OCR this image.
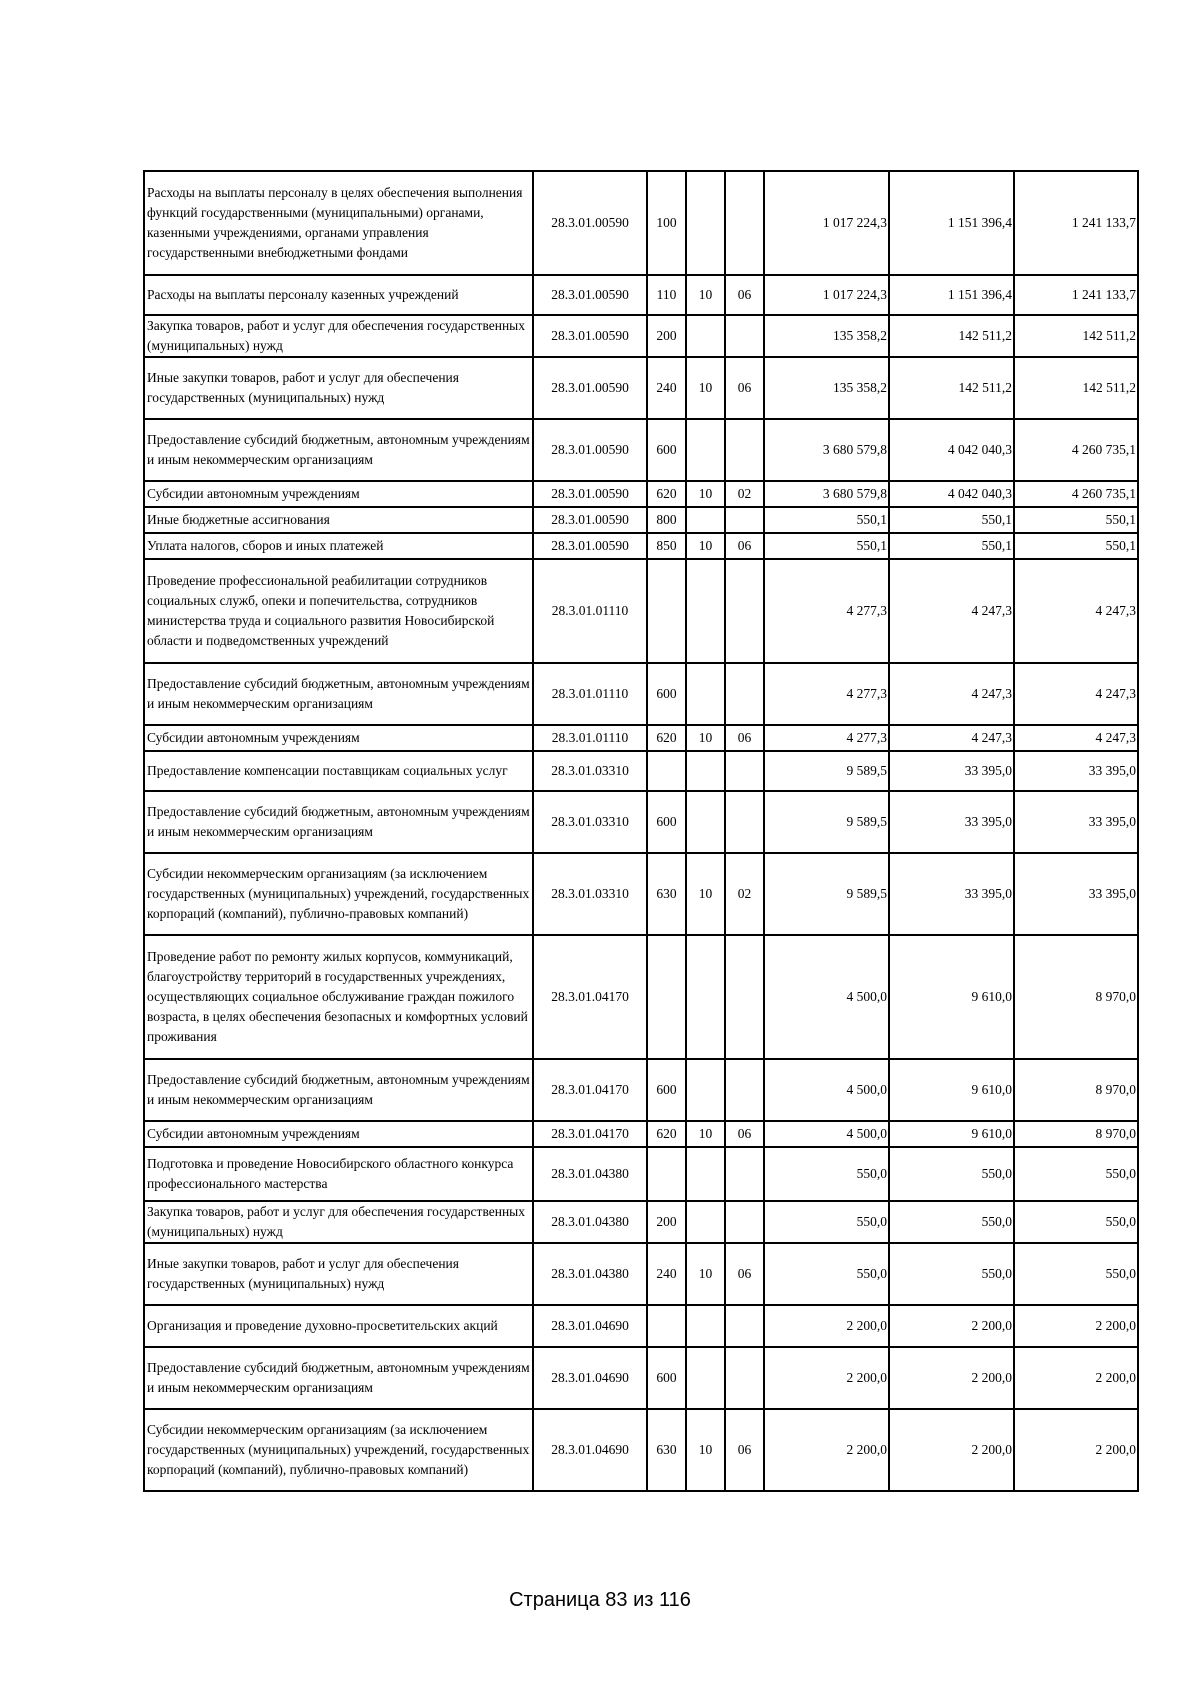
Расходы на выплаты персоналу в целях обеспечения выполнения функций государственными (муниципальными) органами, казенными учреждениями, органами управления государственными внебюджетными фондами	28.3.01.00590	100			1 017 224,3	1 151 396,4	1 241 133,7
Расходы на выплаты персоналу казенных учреждений	28.3.01.00590	110	10	06	1 017 224,3	1 151 396,4	1 241 133,7
Закупка товаров, работ и услуг для обеспечения государственных (муниципальных) нужд	28.3.01.00590	200			135 358,2	142 511,2	142 511,2
Иные закупки товаров, работ и услуг для обеспечения государственных (муниципальных) нужд	28.3.01.00590	240	10	06	135 358,2	142 511,2	142 511,2
Предоставление субсидий бюджетным, автономным учреждениям и иным некоммерческим организациям	28.3.01.00590	600			3 680 579,8	4 042 040,3	4 260 735,1
Субсидии автономным учреждениям	28.3.01.00590	620	10	02	3 680 579,8	4 042 040,3	4 260 735,1
Иные бюджетные ассигнования	28.3.01.00590	800			550,1	550,1	550,1
Уплата налогов, сборов и иных платежей	28.3.01.00590	850	10	06	550,1	550,1	550,1
Проведение профессиональной реабилитации сотрудников социальных служб, опеки и попечительства, сотрудников министерства труда и социального развития Новосибирской области и подведомственных учреждений	28.3.01.01110				4 277,3	4 247,3	4 247,3
Предоставление субсидий бюджетным, автономным учреждениям и иным некоммерческим организациям	28.3.01.01110	600			4 277,3	4 247,3	4 247,3
Субсидии автономным учреждениям	28.3.01.01110	620	10	06	4 277,3	4 247,3	4 247,3
Предоставление компенсации поставщикам социальных услуг	28.3.01.03310				9 589,5	33 395,0	33 395,0
Предоставление субсидий бюджетным, автономным учреждениям и иным некоммерческим организациям	28.3.01.03310	600			9 589,5	33 395,0	33 395,0
Субсидии некоммерческим организациям (за исключением государственных (муниципальных) учреждений, государственных корпораций (компаний), публично-правовых компаний)	28.3.01.03310	630	10	02	9 589,5	33 395,0	33 395,0
Проведение работ по ремонту жилых корпусов, коммуникаций, благоустройству территорий в государственных учреждениях, осуществляющих социальное обслуживание граждан пожилого возраста, в целях обеспечения безопасных и комфортных условий проживания	28.3.01.04170				4 500,0	9 610,0	8 970,0
Предоставление субсидий бюджетным, автономным учреждениям и иным некоммерческим организациям	28.3.01.04170	600			4 500,0	9 610,0	8 970,0
Субсидии автономным учреждениям	28.3.01.04170	620	10	06	4 500,0	9 610,0	8 970,0
Подготовка и проведение Новосибирского областного конкурса профессионального мастерства	28.3.01.04380				550,0	550,0	550,0
Закупка товаров, работ и услуг для обеспечения государственных (муниципальных) нужд	28.3.01.04380	200			550,0	550,0	550,0
Иные закупки товаров, работ и услуг для обеспечения государственных (муниципальных) нужд	28.3.01.04380	240	10	06	550,0	550,0	550,0
Организация и проведение духовно-просветительских акций	28.3.01.04690				2 200,0	2 200,0	2 200,0
Предоставление субсидий бюджетным, автономным учреждениям и иным некоммерческим организациям	28.3.01.04690	600			2 200,0	2 200,0	2 200,0
Субсидии некоммерческим организациям (за исключением государственных (муниципальных) учреждений, государственных корпораций (компаний), публично-правовых компаний)	28.3.01.04690	630	10	06	2 200,0	2 200,0	2 200,0
Страница 83 из 116
